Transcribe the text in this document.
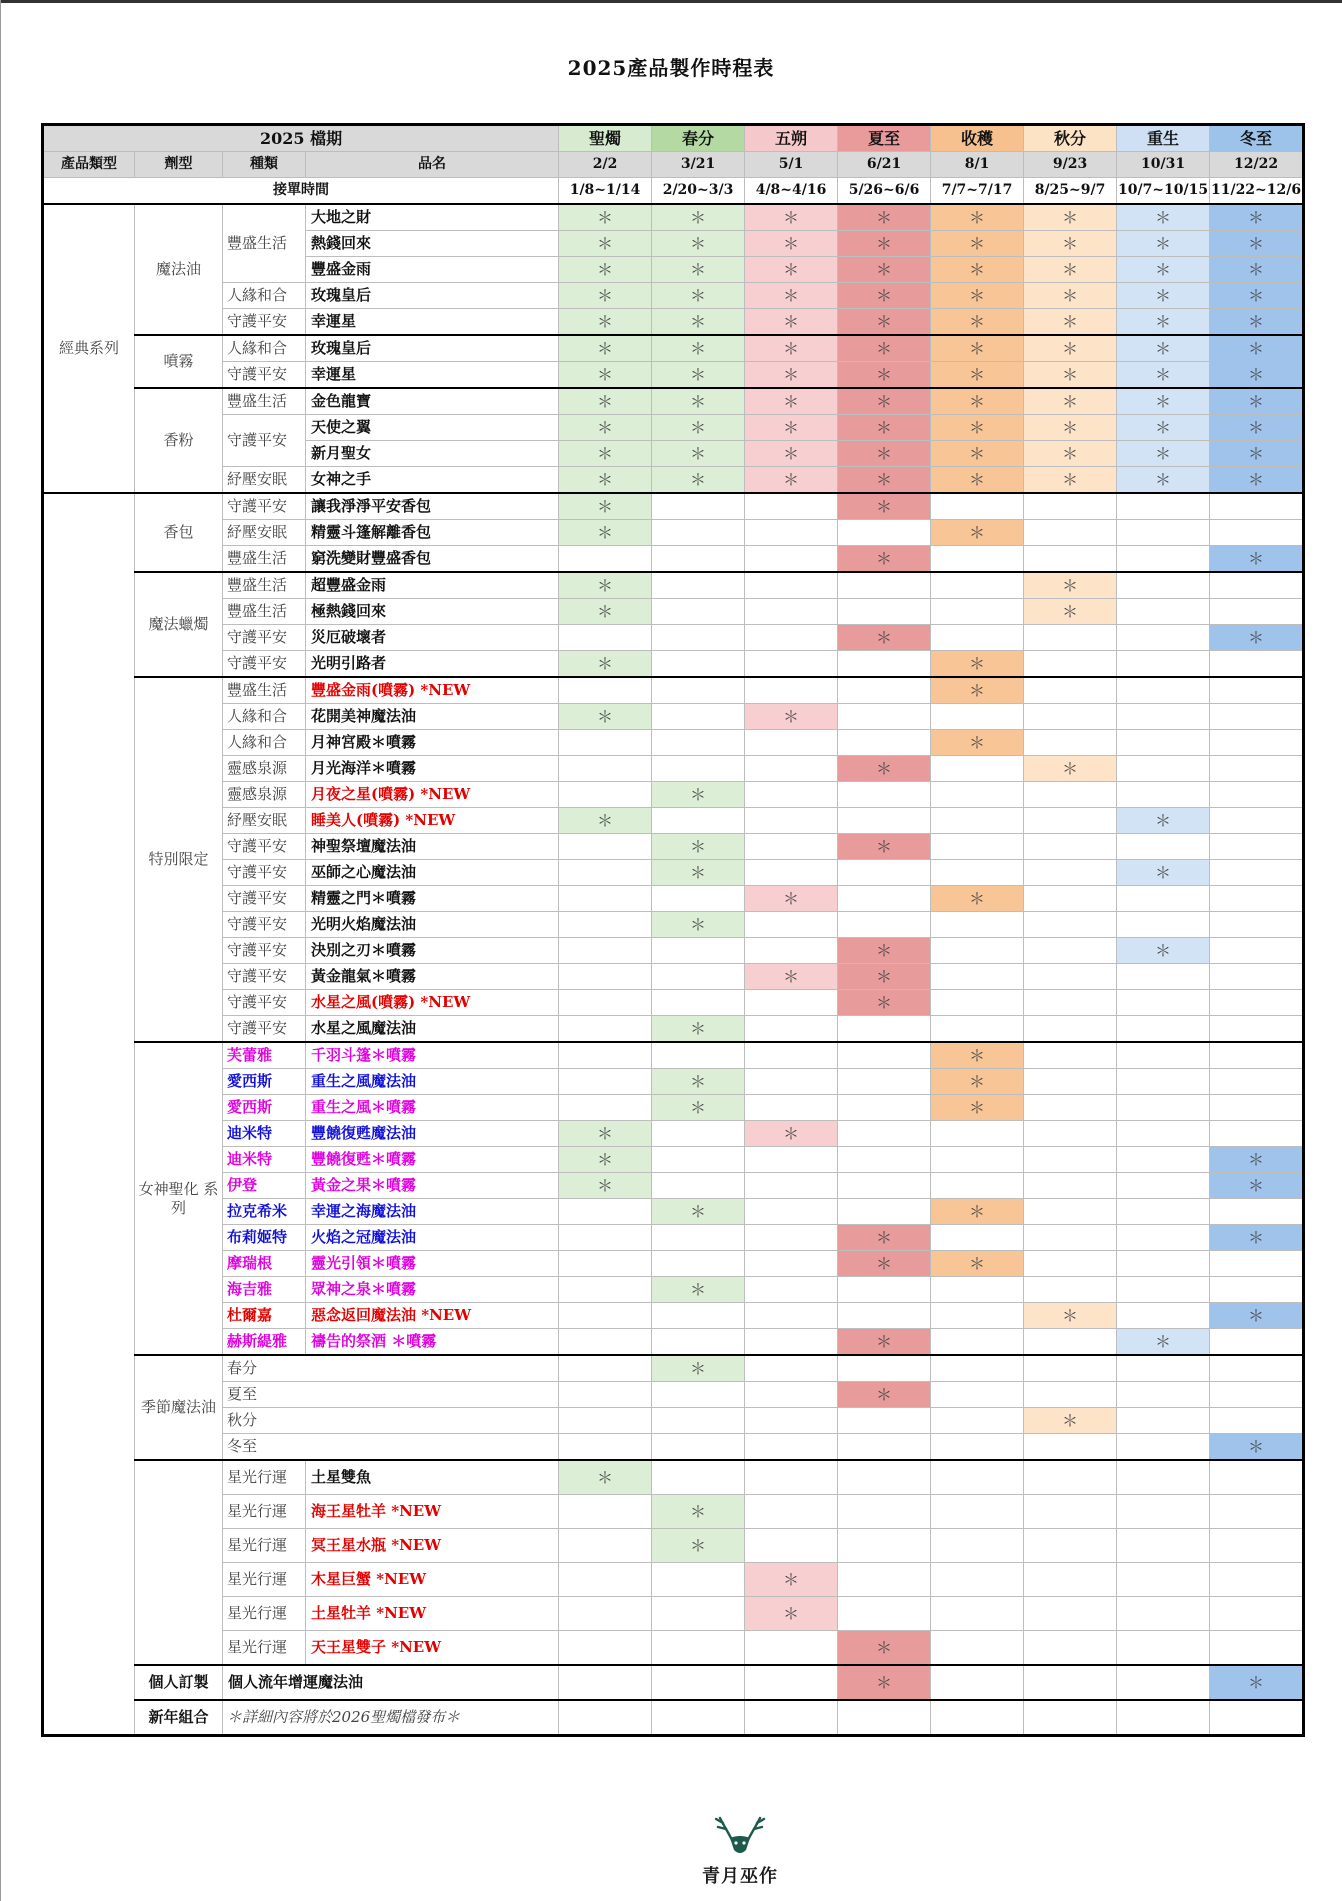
2025產品製作時程表
2025 檔期				聖燭	春分	五朔	夏至	收穫	秋分	重生	冬至
產品類型	劑型	種類	品名	2/2	3/21	5/1	6/21	8/1	9/23	10/31	12/22
接單時間				1/8~1/14	2/20~3/3	4/8~4/16	5/26~6/6	7/7~7/17	8/25~9/7	10/7~10/15	11/22~12/6
經典系列	魔法油	豐盛生活	大地之財	＊	＊	＊	＊	＊	＊	＊	＊
			熱錢回來	＊	＊	＊	＊	＊	＊	＊	＊
			豐盛金雨	＊	＊	＊	＊	＊	＊	＊	＊
		人緣和合	玫瑰皇后	＊	＊	＊	＊	＊	＊	＊	＊
		守護平安	幸運星	＊	＊	＊	＊	＊	＊	＊	＊
	噴霧	人緣和合	玫瑰皇后	＊	＊	＊	＊	＊	＊	＊	＊
		守護平安	幸運星	＊	＊	＊	＊	＊	＊	＊	＊
	香粉	豐盛生活	金色龍寶	＊	＊	＊	＊	＊	＊	＊	＊
		守護平安	天使之翼	＊	＊	＊	＊	＊	＊	＊	＊
			新月聖女	＊	＊	＊	＊	＊	＊	＊	＊
		紓壓安眠	女神之手	＊	＊	＊	＊	＊	＊	＊	＊
	香包	守護平安	讓我淨淨平安香包	＊			＊				
		紓壓安眠	精靈斗篷解離香包	＊				＊			
		豐盛生活	窮洗變財豐盛香包				＊				＊
	魔法蠟燭	豐盛生活	超豐盛金雨	＊					＊		
		豐盛生活	極熱錢回來	＊					＊		
		守護平安	災厄破壞者				＊				＊
		守護平安	光明引路者	＊				＊			
	特別限定	豐盛生活	豐盛金雨(噴霧) *NEW					＊			
		人緣和合	花開美神魔法油	＊		＊					
		人緣和合	月神宮殿＊噴霧					＊			
		靈感泉源	月光海洋＊噴霧				＊		＊		
		靈感泉源	月夜之星(噴霧) *NEW		＊						
		紓壓安眠	睡美人(噴霧) *NEW	＊						＊	
		守護平安	神聖祭壇魔法油		＊		＊				
		守護平安	巫師之心魔法油		＊					＊	
		守護平安	精靈之門＊噴霧			＊		＊			
		守護平安	光明火焰魔法油		＊						
		守護平安	決別之刃＊噴霧				＊			＊	
		守護平安	黃金龍氣＊噴霧			＊	＊				
		守護平安	水星之風(噴霧) *NEW				＊				
		守護平安	水星之風魔法油		＊						
	女神聖化 系列	芙蕾雅	千羽斗篷＊噴霧					＊			
		愛西斯	重生之風魔法油		＊			＊			
		愛西斯	重生之風＊噴霧		＊			＊			
		迪米特	豐饒復甦魔法油	＊		＊					
		迪米特	豐饒復甦＊噴霧	＊							＊
		伊登	黃金之果＊噴霧	＊							＊
		拉克希米	幸運之海魔法油		＊			＊			
		布莉姬特	火焰之冠魔法油				＊				＊
		摩瑞根	靈光引領＊噴霧				＊	＊			
		海吉雅	眾神之泉＊噴霧		＊						
		杜爾嘉	惡念返回魔法油 *NEW						＊		＊
		赫斯緹雅	禱告的祭酒 ＊噴霧				＊			＊	
	季節魔法油	春分			＊						
		夏至					＊				
		秋分							＊		
		冬至									＊
		星光行運	土星雙魚	＊							
		星光行運	海王星牡羊 *NEW		＊						
		星光行運	冥王星水瓶 *NEW		＊						
		星光行運	木星巨蟹 *NEW			＊					
		星光行運	土星牡羊 *NEW			＊					
		星光行運	天王星雙子 *NEW				＊				
	個人訂製	個人流年增運魔法油					＊				＊
	新年組合	＊詳細內容將於2026聖燭檔發布＊									
青月巫作
